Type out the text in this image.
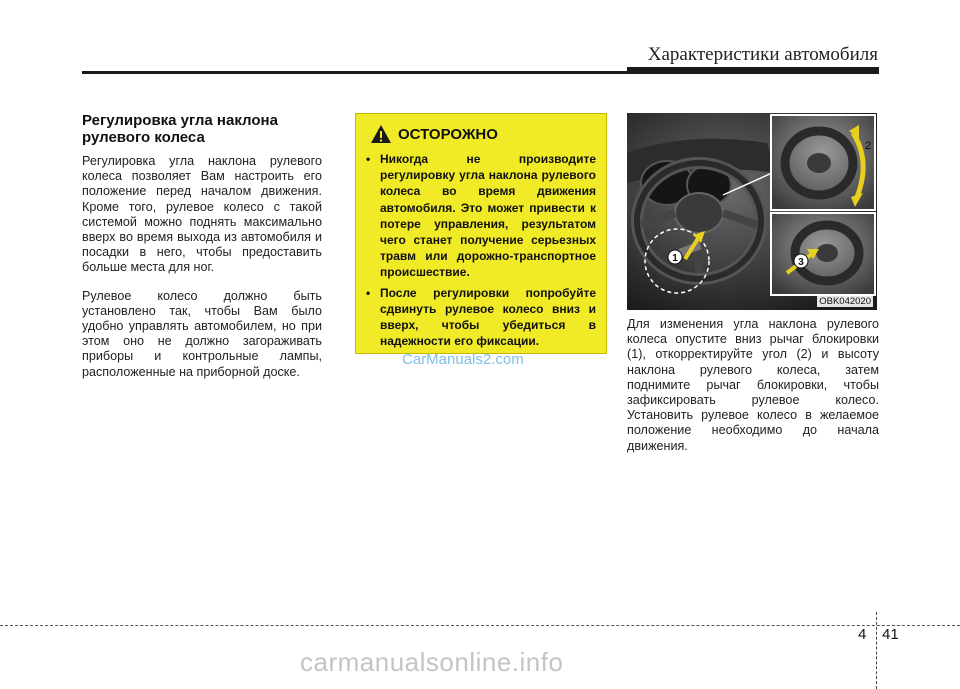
Характеристики автомобиля
Регулировка угла наклона рулевого колеса

Регулировка угла наклона рулевого колеса позволяет Вам настроить его положение перед началом движения. Кроме того, рулевое колесо с такой системой можно поднять максимально вверх во время выхода из автомобиля и посадки в него, чтобы предоставить больше места для ног.

Рулевое колесо должно быть установлено так, чтобы Вам было удобно управлять автомобилем, но при этом оно не должно загораживать приборы и контрольные лампы, расположенные на приборной доске.

ОСТОРОЖНО
• Никогда не производите регулировку угла наклона рулевого колеса во время движения автомобиля. Это может привести к потере управления, результатом чего станет получение серьезных травм или дорожно-транспортное происшествие.
• После регулировки попробуйте сдвинуть рулевое колесо вниз и вверх, чтобы убедиться в надежности его фиксации.
CarManuals2.com
1
2
3
OBK042020

Для изменения угла наклона рулевого колеса опустите вниз рычаг блокировки (1), откорректируйте угол (2) и высоту наклона рулевого колеса, затем поднимите рычаг блокировки, чтобы зафиксировать рулевое колесо. Установить рулевое колесо в желаемое положение необходимо до начала движения.

4 41
carmanualsonline.info
